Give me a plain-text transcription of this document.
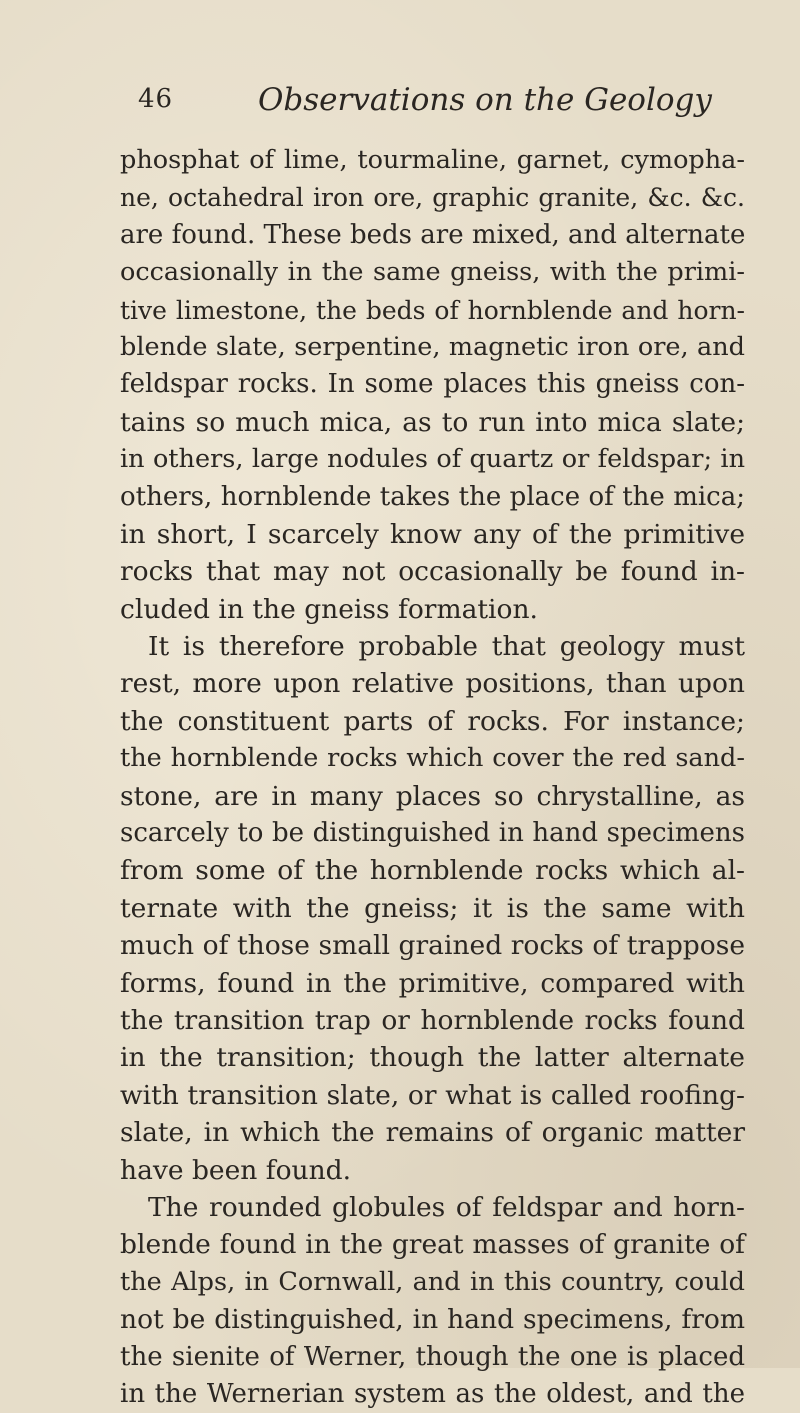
46	Observations on the Geology
phosphat of lime, tourmaline, garnet, cymopha-
ne, octahedral iron ore, graphic granite, &c. &c.
are found. These beds are mixed, and alternate
occasionally in the same gneiss, with the primi-
tive limestone, the beds of hornblende and horn-
blende slate, serpentine, magnetic iron ore, and
feldspar rocks. In some places this gneiss con-
tains so much mica, as to run into mica slate;
in others, large nodules of quartz or feldspar; in
others, hornblende takes the place of the mica;
in short, I scarcely know any of the primitive
rocks that may not occasionally be found in-
cluded in the gneiss formation.
It is therefore probable that geology must
rest, more upon relative positions, than upon
the constituent parts of rocks. For instance;
the hornblende rocks which cover the red sand-
stone, are in many places so chrystalline, as
scarcely to be distinguished in hand specimens
from some of the hornblende rocks which al-
ternate with the gneiss; it is the same with
much of those small grained rocks of trappose
forms, found in the primitive, compared with
the transition trap or hornblende rocks found
in the transition; though the latter alternate
with transition slate, or what is called roofing-
slate, in which the remains of organic matter
have been found.
The rounded globules of feldspar and horn-
blende found in the great masses of granite of
the Alps, in Cornwall, and in this country, could
not be distinguished, in hand specimens, from
the sienite of Werner, though the one is placed
in the Wernerian system as the oldest, and the
